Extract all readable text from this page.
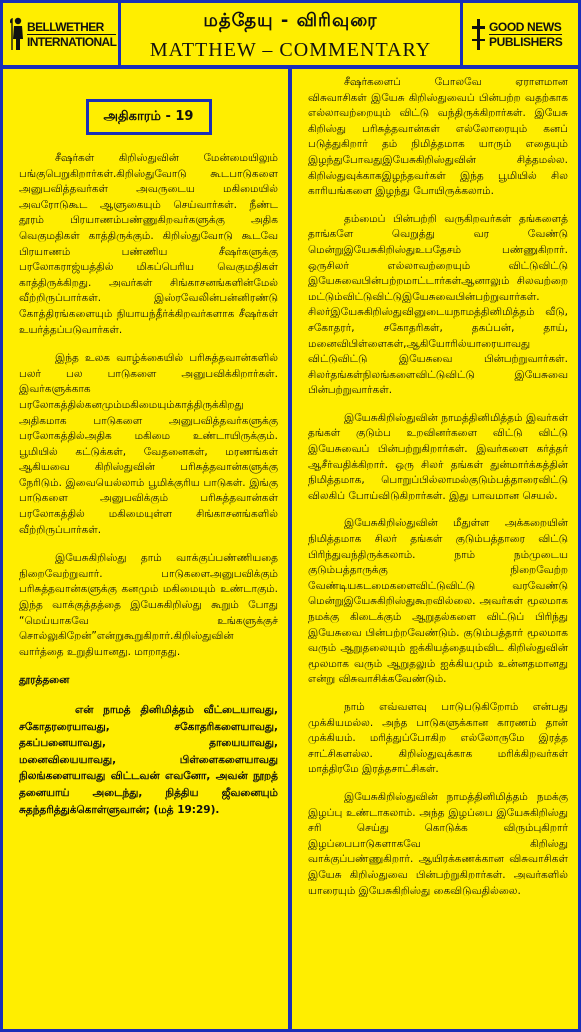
BELLWETHER
INTERNATIONAL
மத்தேயு - விரிவுரை
MATTHEW – COMMENTARY
GOOD NEWS
PUBLISHERS
அதிகாரம் - 19

சீஷர்கள் கிறிஸ்துவின் மேன்மையிலும் பங்குபெறுகிறார்கள்.கிறிஸ்துவோடு கூடபாடுகளை அனுபவித்தவர்கள் அவருடைய மகிமையில் அவரோடுகூட ஆளுகையும் செய்வார்கள். நீண்ட தூரம் பிரயாணம்பண்ணுகிறவர்களுக்கு அதிக வெகுமதிகள் காத்திருக்கும். கிறிஸ்துவோடு கூடவே பிரயாணம் பண்ணிய சீஷர்களுக்கு பரலோகராஜ்யத்தில் மிகப்பெரிய வெகுமதிகள் காத்திருக்கிறது. அவர்கள் சிங்காசனங்களின்மேல் வீற்றிருப்பார்கள். இஸ்ரவேலின்பன்னிரண்டு கோத்திரங்களையும் நியாயந்தீர்க்கிறவர்களாக சீஷர்கள் உயர்த்தப்படுவார்கள்.

இந்த உலக வாழ்க்கையில் பரிசுத்தவான்களில் பலர் பல பாடுகளை அனுபவிக்கிறார்கள். இவர்களுக்காக பரலோகத்தில்கனமும்மகிமையும்காத்திருக்கிறது அதிகமாக பாடுகளை அனுபவித்தவர்களுக்கு பரலோகத்தில்அதிக மகிமை உண்டாயிருக்கும். பூமியில் கட்டுக்கள், வேதனைகள், மரணங்கள் ஆகியவை கிறிஸ்துவின் பரிசுத்தவான்களுக்கு நேரிடும். இவையெல்லாம் பூமிக்குரிய பாடுகள். இங்கு பாடுகளை அனுபவிக்கும் பரிசுத்தவான்கள் பரலோகத்தில் மகிமையுள்ள சிங்காசனங்களில் வீற்றிருப்பார்கள்.

இயேசுகிறிஸ்து தாம் வாக்குப்பண்ணியதை நிறைவேற்றுவார். பாடுகளைஅனுபவிக்கும் பரிசுத்தவான்களுக்கு கனமும் மகிமையும் உண்டாகும். இந்த வாக்குத்தத்தை இயேசுகிறிஸ்து கூறும் போது “மெய்யாகவே உங்களுக்குச் சொல்லுகிறேன்”என்றுகூறுகிறார்.கிறிஸ்துவின் வார்த்தை உறுதியானது. மாறாதது.

தூரத்தனை

என் நாமத் தினிமித்தம் வீட்டையாவது, சகோதரரையாவது, சகோதரிகளையாவது, தகப்பனையாவது, தாயையாவது, மனைவியையாவது, பிள்ளைகளையாவது நிலங்களையாவது விட்டவன் எவனோ, அவன் நூறத் தனையாய் அடைந்து, நித்திய ஜீவனையும் சுதந்தரித்துக்கொள்ளுவான்; (மத் 19:29).

சீஷர்களைப் போலவே ஏராளமான விசுவாசிகள் இயேசு கிறிஸ்துவைப் பின்பற்ற வதற்காக எல்லாவற்றையும் விட்டு வந்திருக்கிறார்கள். இயேசு கிறிஸ்து பரிசுத்தவான்கள் எல்லோரையும் கனப் படுத்துகிறார் தம் நிமித்தமாக யாரும் எதையும் இழந்துபோவதுஇயேசுகிறிஸ்துவின் சித்தமல்ல. கிறிஸ்துவுக்காகஇழந்தவர்கள் இந்த பூமியில் சில காரியங்களை இழந்து போயிருக்கலாம்.

தம்மைப் பின்பற்றி வருகிறவர்கள் தங்களைத் தாங்களே வெறுத்து வர வேண்டு மென்றுஇயேசுகிறிஸ்துஉபதேசம் பண்ணுகிறார். ஒருசிலர் எல்லாவற்றையும் விட்டுவிட்டு இயேசுவைபின்பற்றமாட்டார்கள்ஆனாலும் சிலவற்றை மட்டும்விட்டுவிட்டுஇயேசுவைபின்பற்றுவார்கள். சிலர்இயேசுகிறிஸ்துவினுடையநாமத்தினிமித்தம் வீடு, சகோதரர், சகோதரிகள், தகப்பன், தாய், மனைவிபிள்ளைகள்,ஆகியோரில்யாரையாவது விட்டுவிட்டு இயேசுவை பின்பற்றுவார்கள். சிலர்தங்கள்நிலங்களைவிட்டுவிட்டு இயேசுவை பின்பற்றுவார்கள்.

இயேசுகிறிஸ்துவின் நாமத்தினிமித்தம் இவர்கள் தங்கள் குடும்ப உறவினர்களை விட்டு விட்டு இயேசுவைப் பின்பற்றுகிறார்கள். இவர்களை கர்த்தர் ஆசீர்வதிக்கிறார். ஒரு சிலர் தங்கள் துன்மார்க்கத்தின் நிமித்தமாக, பொறுப்பில்லாமல்குடும்பத்தாரைவிட்டு விலகிப் போய்விடுகிறார்கள். இது பாவமான செயல்.

இயேசுகிறிஸ்துவின் மீதுள்ள அக்கறையின் நிமித்தமாக சிலர் தங்கள் குடும்பத்தாரை விட்டு பிரிந்துவந்திருக்கலாம். நாம் நம்முடைய குடும்பத்தாருக்கு நிறைவேற்ற வேண்டியகடமைகளைவிட்டுவிட்டு வரவேண்டு மென்றுஇயேசுகிறிஸ்துகூறவில்லை. அவர்கள் மூலமாக நமக்கு கிடைக்கும் ஆறுதல்களை விட்டுப் பிரிந்து இயேசுவை பின்பற்றவேண்டும். குடும்பத்தார் மூலமாக வரும் ஆறுதலையும் ஐக்கியத்தையும்விட கிறிஸ்துவின் மூலமாக வரும் ஆறுதலும் ஐக்கியமும் உன்னதமானது என்று விசுவாசிக்கவேண்டும்.

நாம் எவ்வளவு பாடுபடுகிறோம் என்பது முக்கியமல்ல. அந்த பாடுகளுக்கான காரணம் தான் முக்கியம். மரித்துப்போகிற எல்லோருமே இரத்த சாட்சிகளல்ல. கிறிஸ்துவுக்காக மரிக்கிறவர்கள் மாத்திரமே இரத்தசாட்சிகள்.

இயேசுகிறிஸ்துவின் நாமத்தினிமித்தம் நமக்கு இழப்பு உண்டாகலாம். அந்த இழப்பை இயேசுகிறிஸ்து சரி செய்து கொடுக்க விரும்புகிறார் இழப்பைபாடுகளாகவே கிறிஸ்து வாக்குப்பண்ணுகிறார். ஆயிரக்கணக்கான விசுவாசிகள் இயேசு கிறிஸ்துவை பின்பற்றுகிறார்கள். அவர்களில் யாரையும் இயேசுகிறிஸ்து கைவிடுவதில்லை.
